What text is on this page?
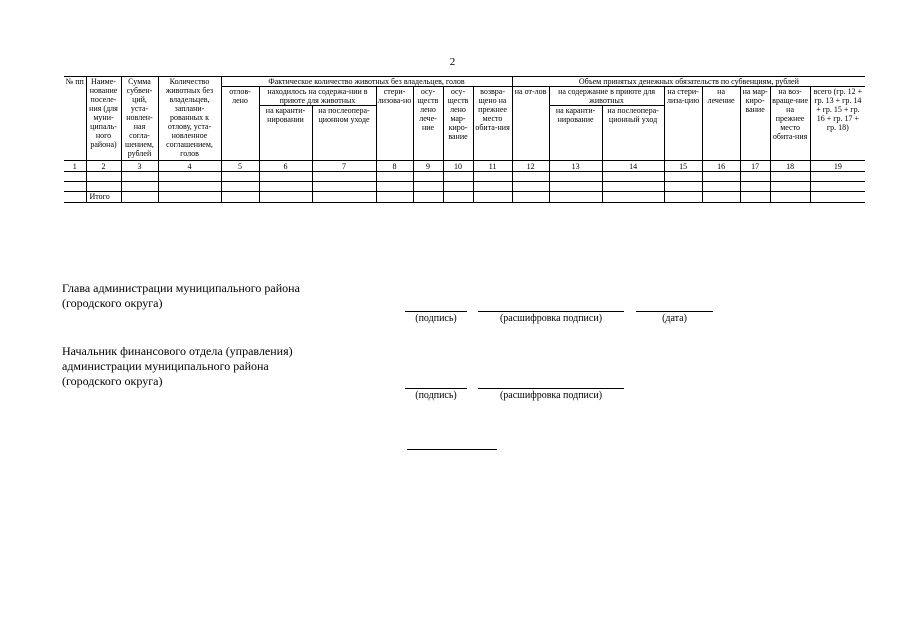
2
№ пп	Наиме-нование поселе-ния (для муни-ципаль-ного района)	Сумма субвен-ций, уста-новлен-ная согла-шением, рублей	Количество животных без владельцев, заплани-рованных к отлову, уста-новленное соглашением, голов	Фактическое количество животных без владельцев, голов							Объем принятых денежных обязательств по субвенциям, рублей							
				отлов-лено	находилось на содержа-нии в приюте для животных		стери-лизова-но	осу-ществ лено лече-ние	осу-ществ лено мар-киро-вание	возвра-щено на прежнее место обита-ния	на от-лов	на содержание в приюте для животных		на стери-лиза-цию	на лечение	на мар-киро-вание	на воз-враще-ние на прежнее место обита-ния	всего (гр. 12 + гр. 13 + гр. 14 + гр. 15 + гр. 16 + гр. 17 + гр. 18)
					на каранти-нировании	на послеопера-ционном уходе						на каранти-нирование	на послеопера-ционный уход					
1	2	3	4	5	6	7	8	9	10	11	12	13	14	15	16	17	18	19

	Итого																	
Глава администрации муниципального района
(городского округа)
(подпись)	(расшифровка подписи)	(дата)
Начальник финансового отдела (управления)
администрации муниципального района
(городского округа)
(подпись)	(расшифровка подписи)
